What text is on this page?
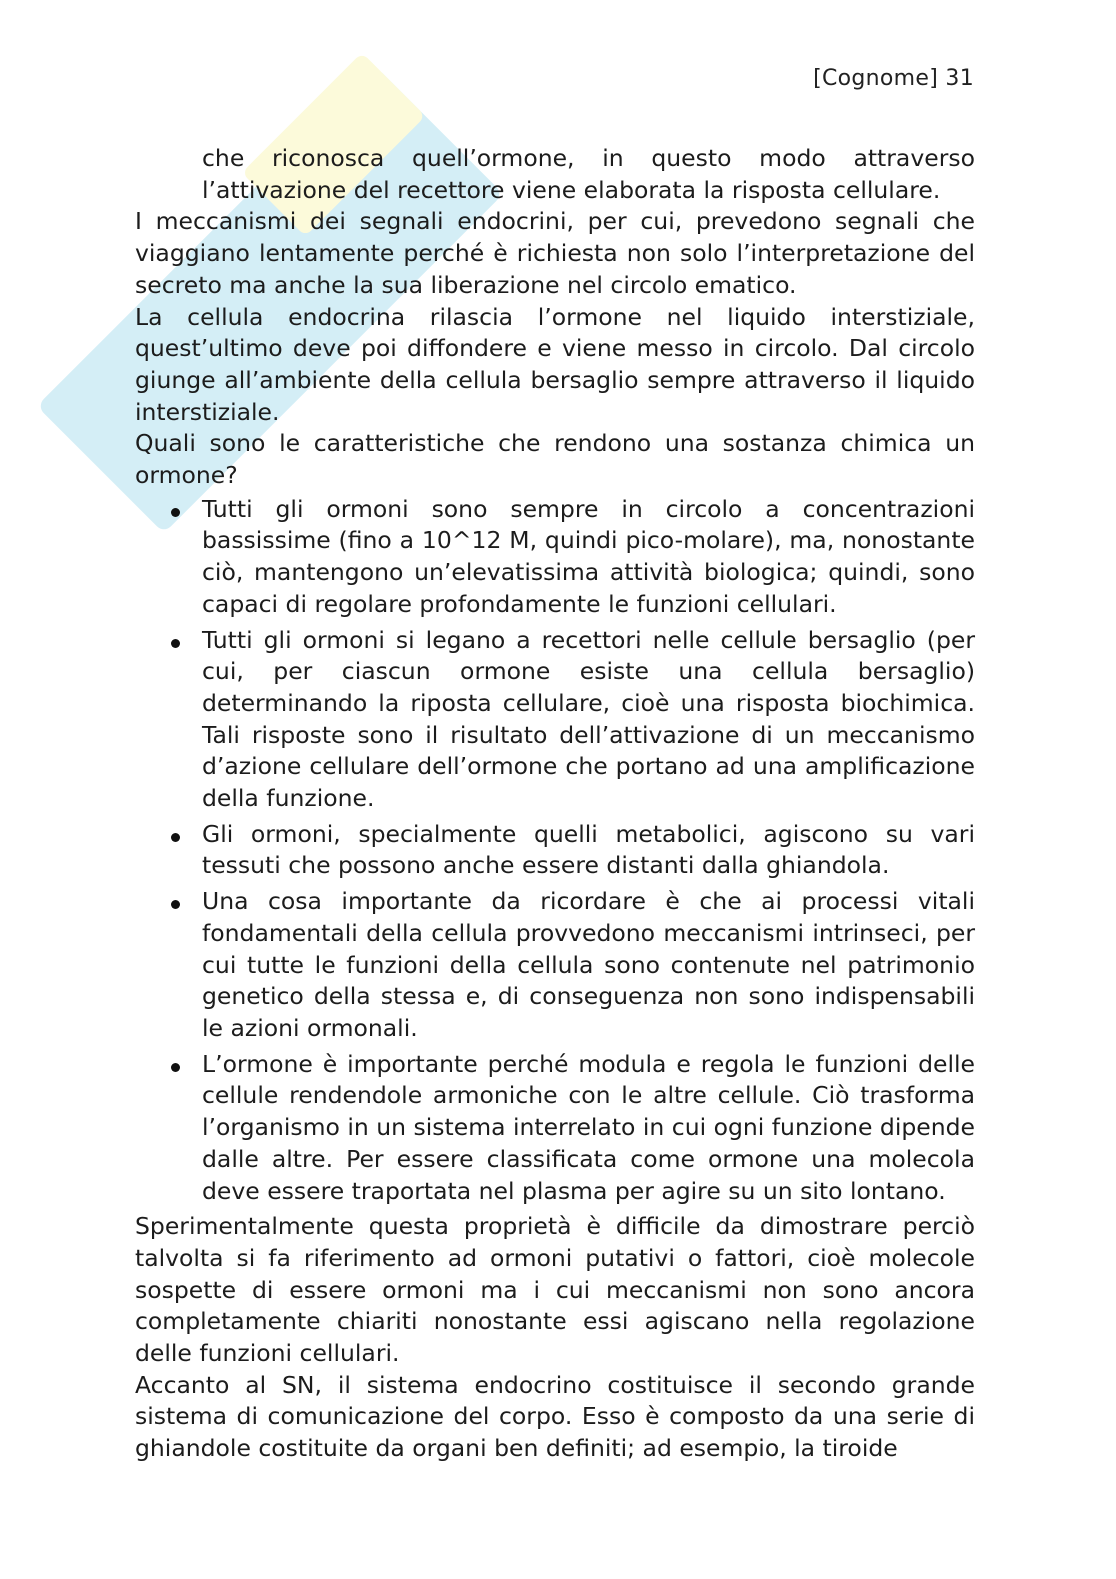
[Cognome] 31

che riconosca quell’ormone, in questo modo attraverso l’attivazione del recettore viene elaborata la risposta cellulare.

I meccanismi dei segnali endocrini, per cui, prevedono segnali che viaggiano lentamente perché è richiesta non solo l’interpretazione del secreto ma anche la sua liberazione nel circolo ematico.

La cellula endocrina rilascia l’ormone nel liquido interstiziale, quest’ultimo deve poi diffondere e viene messo in circolo. Dal circolo giunge all’ambiente della cellula bersaglio sempre attraverso il liquido interstiziale.

Quali sono le caratteristiche che rendono una sostanza chimica un ormone?

Tutti gli ormoni sono sempre in circolo a concentrazioni bassissime (fino a 10^12 M, quindi pico-molare), ma, nonostante ciò, mantengono un’elevatissima attività biologica; quindi, sono capaci di regolare profondamente le funzioni cellulari.
Tutti gli ormoni si legano a recettori nelle cellule bersaglio (per cui, per ciascun ormone esiste una cellula bersaglio) determinando la riposta cellulare, cioè una risposta biochimica. Tali risposte sono il risultato dell’attivazione di un meccanismo d’azione cellulare dell’ormone che portano ad una amplificazione della funzione.
Gli ormoni, specialmente quelli metabolici, agiscono su vari tessuti che possono anche essere distanti dalla ghiandola.
Una cosa importante da ricordare è che ai processi vitali fondamentali della cellula provvedono meccanismi intrinseci, per cui tutte le funzioni della cellula sono contenute nel patrimonio genetico della stessa e, di conseguenza non sono indispensabili le azioni ormonali.
L’ormone è importante perché modula e regola le funzioni delle cellule rendendole armoniche con le altre cellule. Ciò trasforma l’organismo in un sistema interrelato in cui ogni funzione dipende dalle altre. Per essere classificata come ormone una molecola deve essere traportata nel plasma per agire su un sito lontano.

Sperimentalmente questa proprietà è difficile da dimostrare perciò talvolta si fa riferimento ad ormoni putativi o fattori, cioè molecole sospette di essere ormoni ma i cui meccanismi non sono ancora completamente chiariti nonostante essi agiscano nella regolazione delle funzioni cellulari.

Accanto al SN, il sistema endocrino costituisce il secondo grande sistema di comunicazione del corpo. Esso è composto da una serie di ghiandole costituite da organi ben definiti; ad esempio, la tiroide
